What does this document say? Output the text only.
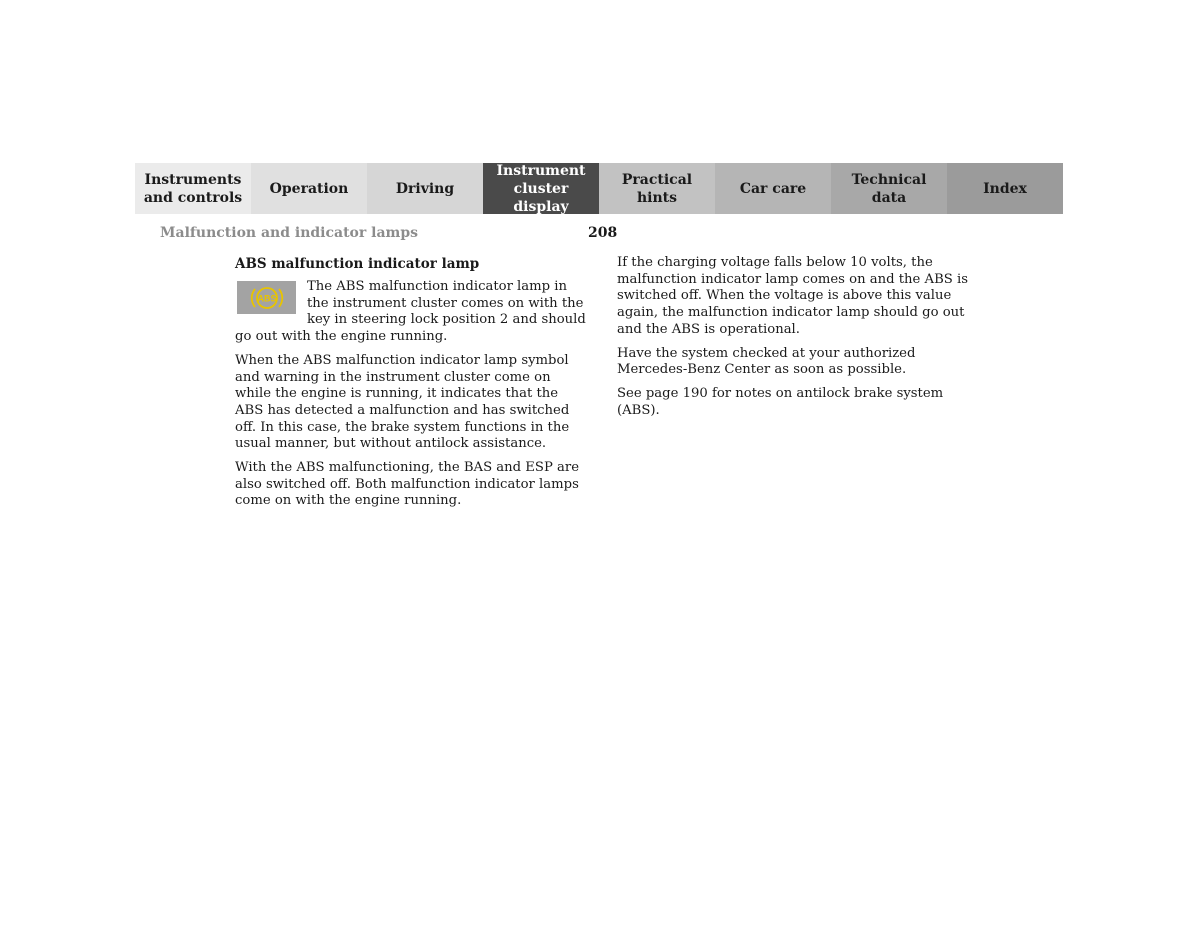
Instruments
and controls
Operation	Driving
Instrument
cluster display
Practical hints
Car care
Technical
data
Index
Malfunction and indicator lamps	208
ABS malfunction indicator lamp
ABS

The ABS malfunction indicator lamp in the instrument cluster comes on with the key in steering lock position 2 and should go out with the engine running.

When the ABS malfunction indicator lamp symbol and warning in the instrument cluster come on while the engine is running, it indicates that the ABS has detected a malfunction and has switched off. In this case, the brake system functions in the usual manner, but without antilock assistance.

With the ABS malfunctioning, the BAS and ESP are also switched off. Both malfunction indicator lamps come on with the engine running.

If the charging voltage falls below 10 volts, the malfunction indicator lamp comes on and the ABS is switched off. When the voltage is above this value again, the malfunction indicator lamp should go out and the ABS is operational.

Have the system checked at your authorized Mercedes-Benz Center as soon as possible.

See page 190 for notes on antilock brake system (ABS).
